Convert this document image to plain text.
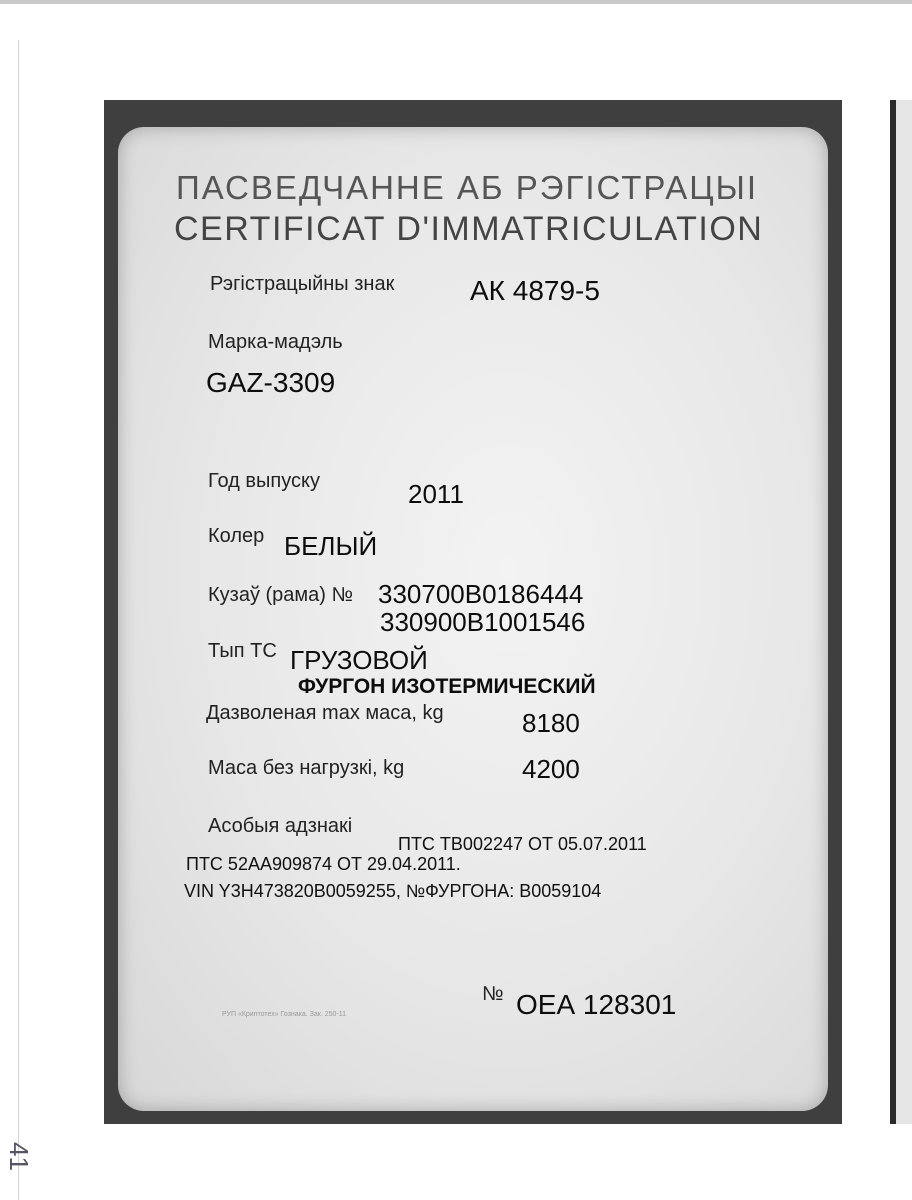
ПАСВЕДЧАННЕ АБ РЭГІСТРАЦЫІ
CERTIFICAT D'IMMATRICULATION
Рэгістрацыйны знак	АК 4879-5
Марка-мадэль
GAZ-3309
Год выпуску	2011
Колер БЕЛЫЙ
Кузаў (рама) № 330700B0186444
330900B1001546
Тып ТС ГРУЗОВОЙ
ФУРГОН ИЗОТЕРМИЧЕСКИЙ
Дазволеная max маса, kg	8180
Маса без нагрузкі, kg	4200
Асобыя адзнакі
ПТС ТВ002247 ОТ 05.07.2011
ПТС 52АА909874 ОТ 29.04.2011.
VIN Y3H473820B0059255, №ФУРГОНА: B0059104
№ ОЕА 128301
РУП «Криптотех» Гознака. Зак. 250-11
41
